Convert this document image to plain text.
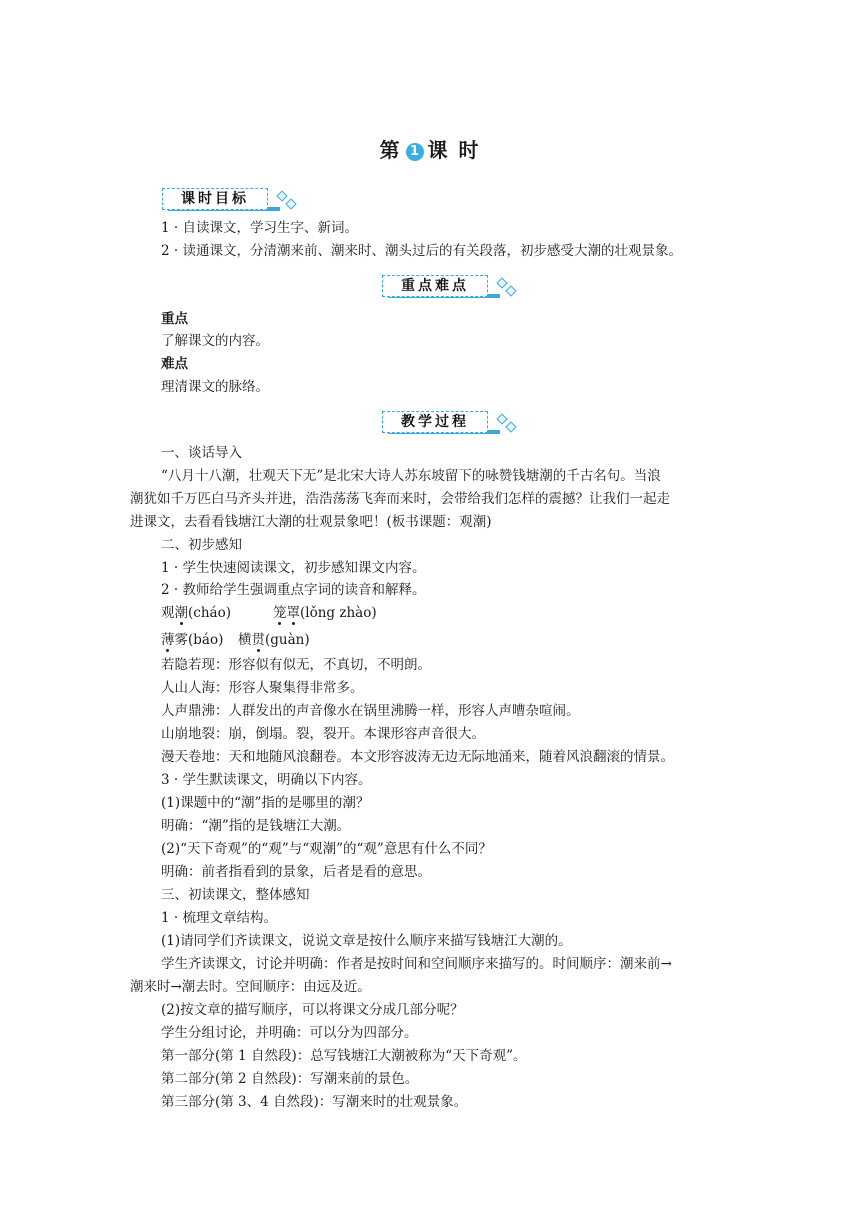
第 1 课 时
课时目标
重点难点
教学过程
1 · 自读课文，学习生字、新词。
2 · 读通课文，分清潮来前、潮来时、潮头过后的有关段落，初步感受大潮的壮观景象。
重点
了解课文的内容。
难点
理清课文的脉络。
一、谈话导入
“八月十八潮，壮观天下无”是北宋大诗人苏东坡留下的咏赞钱塘潮的千古名句。当浪
潮犹如千万匹白马齐头并进，浩浩荡荡飞奔而来时，会带给我们怎样的震撼？让我们一起走
进课文，去看看钱塘江大潮的壮观景象吧！(板书课题：观潮)
二、初步感知
1 · 学生快速阅读课文，初步感知课文内容。
2 · 教师给学生强调重点字词的读音和解释。
观潮(cháo)	笼罩(lǒng zhào)
薄雾(báo) 横贯(guàn)
若隐若现：形容似有似无，不真切，不明朗。
人山人海：形容人聚集得非常多。
人声鼎沸：人群发出的声音像水在锅里沸腾一样，形容人声嘈杂喧闹。
山崩地裂：崩，倒塌。裂，裂开。本课形容声音很大。
漫天卷地：天和地随风浪翻卷。本文形容波涛无边无际地涌来，随着风浪翻滚的情景。
3 · 学生默读课文，明确以下内容。
(1)课题中的“潮”指的是哪里的潮？
明确：“潮”指的是钱塘江大潮。
(2)“天下奇观”的“观”与“观潮”的“观”意思有什么不同？
明确：前者指看到的景象，后者是看的意思。
三、初读课文，整体感知
1 · 梳理文章结构。
(1)请同学们齐读课文，说说文章是按什么顺序来描写钱塘江大潮的。
学生齐读课文，讨论并明确：作者是按时间和空间顺序来描写的。时间顺序：潮来前→
潮来时→潮去时。空间顺序：由远及近。
(2)按文章的描写顺序，可以将课文分成几部分呢？
学生分组讨论，并明确：可以分为四部分。
第一部分(第 1 自然段)：总写钱塘江大潮被称为“天下奇观”。
第二部分(第 2 自然段)：写潮来前的景色。
第三部分(第 3、4 自然段)：写潮来时的壮观景象。
